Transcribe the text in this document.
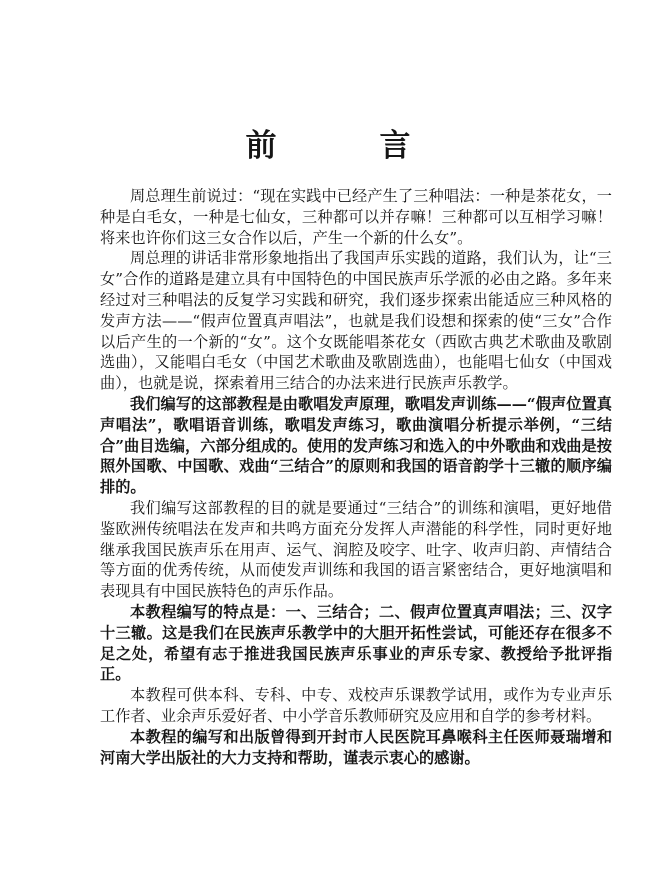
前　言

周总理生前说过：“现在实践中已经产生了三种唱法：一种是茶花女，一种是白毛女，一种是七仙女，三种都可以并存嘛！三种都可以互相学习嘛！将来也许你们这三女合作以后，产生一个新的什么女”。

周总理的讲话非常形象地指出了我国声乐实践的道路，我们认为，让“三女”合作的道路是建立具有中国特色的中国民族声乐学派的必由之路。多年来经过对三种唱法的反复学习实践和研究，我们逐步探索出能适应三种风格的发声方法——“假声位置真声唱法”，也就是我们设想和探索的使“三女”合作以后产生的一个新的“女”。这个女既能唱茶花女（西欧古典艺术歌曲及歌剧选曲），又能唱白毛女（中国艺术歌曲及歌剧选曲），也能唱七仙女（中国戏曲），也就是说，探索着用三结合的办法来进行民族声乐教学。

我们编写的这部教程是由歌唱发声原理，歌唱发声训练——“假声位置真声唱法”，歌唱语音训练，歌唱发声练习，歌曲演唱分析提示举例，“三结合”曲目选编，六部分组成的。使用的发声练习和选入的中外歌曲和戏曲是按照外国歌、中国歌、戏曲“三结合”的原则和我国的语音韵学十三辙的顺序编排的。

我们编写这部教程的目的就是要通过“三结合”的训练和演唱，更好地借鉴欧洲传统唱法在发声和共鸣方面充分发挥人声潜能的科学性，同时更好地继承我国民族声乐在用声、运气、润腔及咬字、吐字、收声归韵、声情结合等方面的优秀传统，从而使发声训练和我国的语言紧密结合，更好地演唱和表现具有中国民族特色的声乐作品。

本教程编写的特点是：一、三结合；二、假声位置真声唱法；三、汉字十三辙。这是我们在民族声乐教学中的大胆开拓性尝试，可能还存在很多不足之处，希望有志于推进我国民族声乐事业的声乐专家、教授给予批评指正。

本教程可供本科、专科、中专、戏校声乐课教学试用，或作为专业声乐工作者、业余声乐爱好者、中小学音乐教师研究及应用和自学的参考材料。

本教程的编写和出版曾得到开封市人民医院耳鼻喉科主任医师聂瑞增和河南大学出版社的大力支持和帮助，谨表示衷心的感谢。
